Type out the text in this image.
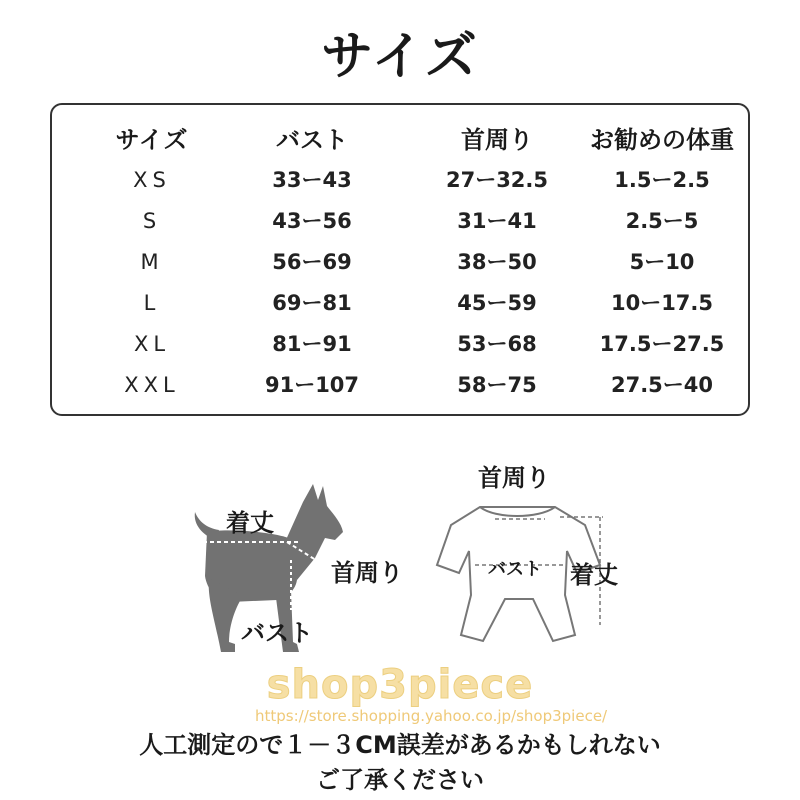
サイズ
サイズ	バスト	首周り	お勧めの体重
XS	33ー43	27ー32.5	1.5ー2.5
S	43ー56	31ー41	2.5ー5
M	56ー69	38ー50	5ー10
L	69ー81	45ー59	10ー17.5
XL	81ー91	53ー68	17.5ー27.5
XXL	91ー107	58ー75	27.5ー40
着丈
首周り
バスト
首周り
バスト 着丈
shop3piece
https://store.shopping.yahoo.co.jp/shop3piece/
人工測定ので１－３CM誤差があるかもしれない
ご了承ください
